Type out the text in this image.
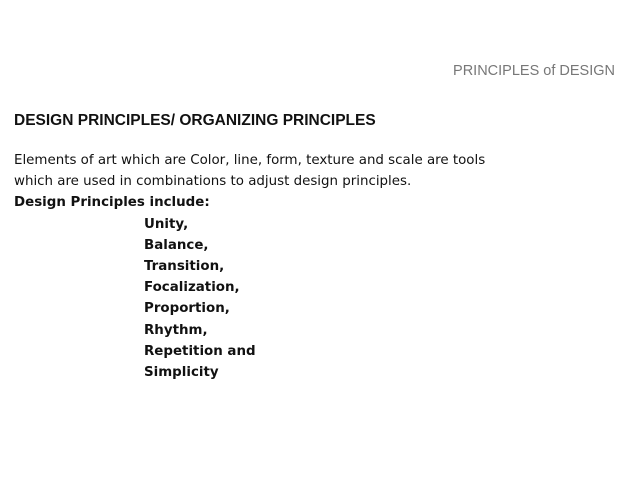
PRINCIPLES of DESIGN
DESIGN PRINCIPLES/ ORGANIZING PRINCIPLES
Elements of art which are Color, line, form, texture and scale are tools
which are used in combinations to adjust design principles.
Design Principles include:
Unity,
Balance,
Transition,
Focalization,
Proportion,
Rhythm,
Repetition and
Simplicity
